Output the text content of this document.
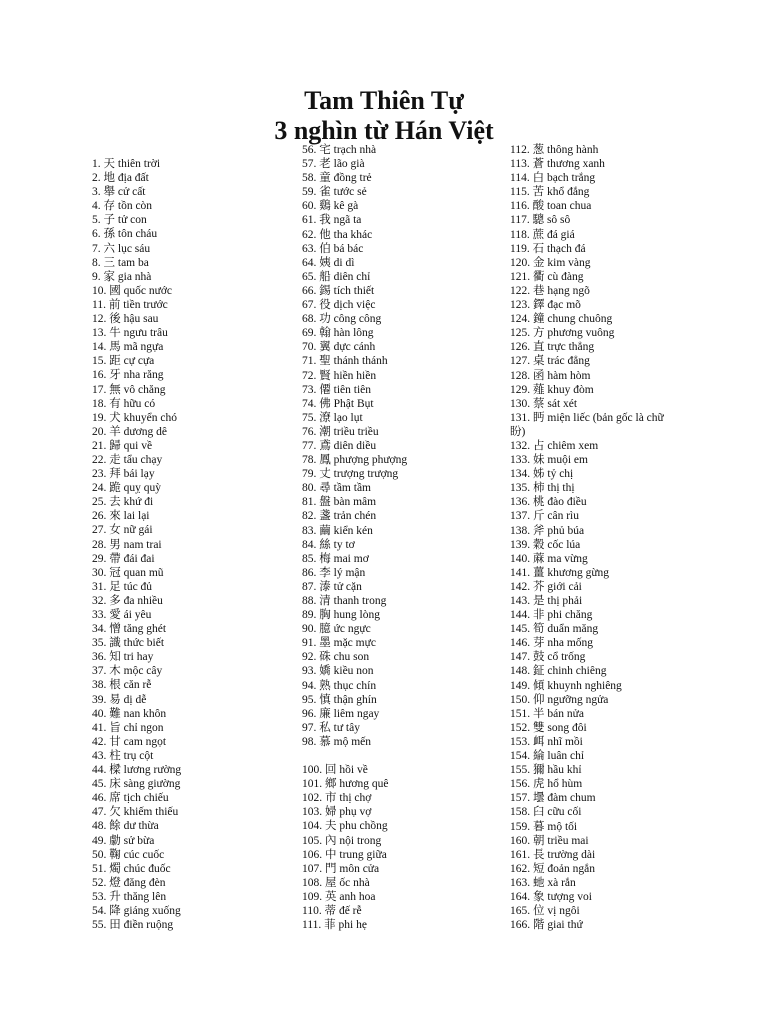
Tam Thiên Tự
3 nghìn từ Hán Việt
1. 天 thiên trời
2. 地 địa đất
3. 舉 cử cất
4. 存 tồn còn
5. 子 tử con
6. 孫 tôn cháu
7. 六 lục sáu
8. 三 tam ba
9. 家 gia nhà
10. 國 quốc nước
11. 前 tiền trước
12. 後 hậu sau
13. 牛 ngưu trâu
14. 馬 mã ngựa
15. 距 cự cựa
16. 牙 nha răng
17. 無 vô chăng
18. 有 hữu có
19. 犬 khuyển chó
20. 羊 dương dê
21. 歸 qui về
22. 走 tẩu chạy
23. 拜 bái lạy
24. 跪 quỵ quỳ
25. 去 khứ đi
26. 來 lai lại
27. 女 nữ gái
28. 男 nam trai
29. 帶 đái đai
30. 冠 quan mũ
31. 足 túc đủ
32. 多 đa nhiều
33. 愛 ái yêu
34. 憎 tăng ghét
35. 識 thức biết
36. 知 tri hay
37. 木 mộc cây
38. 根 căn rễ
39. 易 dị dễ
40. 難 nan khôn
41. 旨 chỉ ngon
42. 甘 cam ngọt
43. 柱 trụ cột
44. 樑 lương rường
45. 床 sàng giường
46. 席 tịch chiếu
47. 欠 khiếm thiếu
48. 餘 dư thừa
49. 勮 sử bừa
50. 鞠 cúc cuốc
51. 燭 chúc đuốc
52. 燈 đăng đèn
53. 升 thăng lên
54. 降 giáng xuống
55. 田 điền ruộng
56. 宅 trạch nhà
57. 老 lão già
58. 童 đồng trẻ
59. 雀 tước sẻ
60. 鷄 kê gà
61. 我 ngã ta
62. 他 tha khác
63. 伯 bá bác
64. 姨 di dì
65. 船 diên chỉ
66. 錫 tích thiết
67. 役 dịch việc
68. 功 công công
69. 翰 hàn lông
70. 翼 dực cánh
71. 聖 thánh thánh
72. 賢 hiền hiền
73. 僊 tiên tiên
74. 佛 Phật Bụt
75. 潦 lạo lụt
76. 潮 triều triều
77. 鳶 diên diều
78. 鳳 phượng phượng
79. 丈 trượng trượng
80. 尋 tầm tầm
81. 盤 bàn mâm
82. 盞 trản chén
83. 繭 kiển kén
84. 絲 ty tơ
85. 梅 mai mơ
86. 李 lý mận
87. 溙 tử cặn
88. 清 thanh trong
89. 胸 hung lòng
90. 臆 ức ngực
91. 墨 mặc mực
92. 硃 chu son
93. 嬌 kiều non
94. 熟 thục chín
95. 慎 thận ghín
96. 廉 liêm ngay
97. 私 tư tây
98. 慕 mộ mến
100. 回 hồi về
101. 鄉 hương quê
102. 市 thị chợ
103. 婦 phụ vợ
104. 夫 phu chồng
105. 內 nội trong
106. 中 trung giữa
107. 門 môn cửa
108. 屋 ốc nhà
109. 英 anh hoa
110. 蒂 đế rễ
111. 菲 phi hẹ
112. 葱 thông hành
113. 蒼 thương xanh
114. 白 bạch trắng
115. 苦 khổ đắng
116. 酸 toan chua
117. 驄 sô sô
118. 蔗 đá giá
119. 石 thạch đá
120. 金 kim vàng
121. 衢 cù đàng
122. 巷 hạng ngõ
123. 鐸 đạc mõ
124. 鐘 chung chuông
125. 方 phương vuông
126. 直 trực thẳng
127. 桌 trác đẳng
128. 函 hàm hòm
129. 薤 khuy đòm
130. 蔡 sát xét
131. 眄 miện liếc (bản gốc là chữ 盼)
132. 占 chiêm xem
133. 妹 muội em
134. 姊 tỷ chị
135. 柿 thị thị
136. 桃 đào điều
137. 斤 cân rìu
138. 斧 phủ búa
139. 穀 cốc lúa
140. 蔴 ma vừng
141. 薑 khương gừng
142. 芥 giới cải
143. 是 thị phải
144. 非 phi chăng
145. 筍 duẩn măng
146. 芽 nha mống
147. 鼓 cổ trống
148. 鉦 chinh chiêng
149. 傾 khuynh nghiêng
150. 仰 ngưỡng ngửa
151. 半 bán nửa
152. 雙 song đôi
153. 衈 nhĩ mồi
154. 綸 luân chỉ
155. 獮 hầu khỉ
156. 虎 hổ hùm
157. 壜 đàm chum
158. 臼 cữu cối
159. 暮 mộ tối
160. 朝 triều mai
161. 長 trường dài
162. 短 đoản ngắn
163. 虵 xà rắn
164. 象 tượng voi
165. 位 vị ngôi
166. 階 giai thứ
